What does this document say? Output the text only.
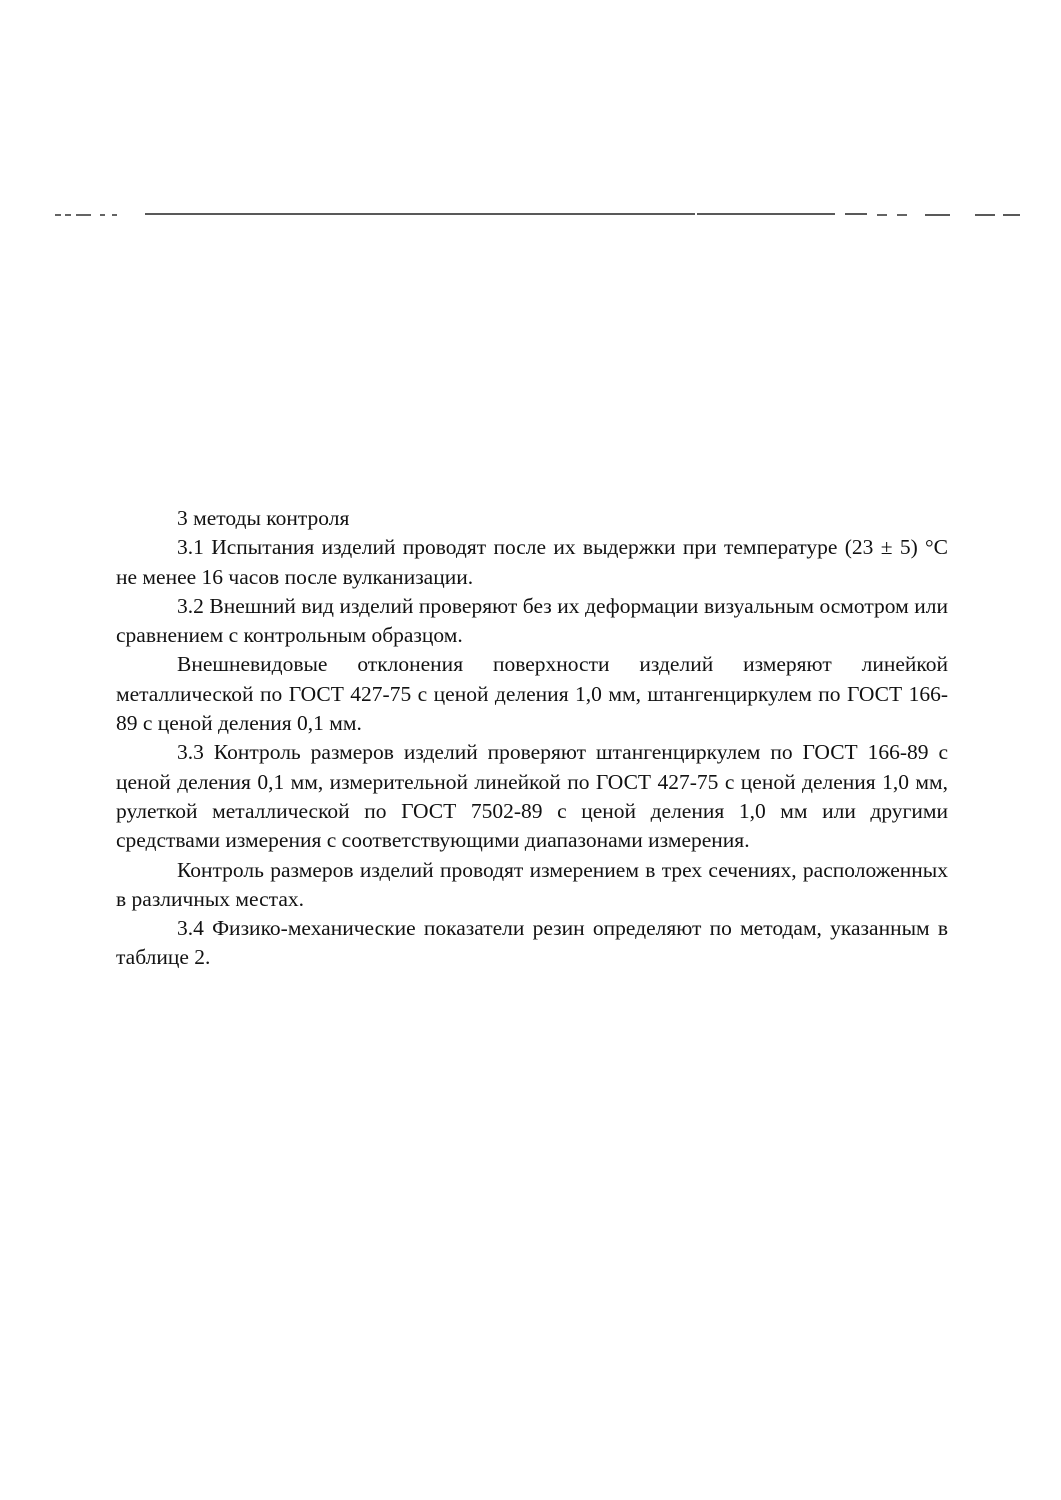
3 методы контроля

3.1 Испытания изделий проводят после их выдержки при температуре (23 ± 5) °С не менее 16 часов после вулканизации.

3.2 Внешний вид изделий проверяют без их деформации визуальным осмотром или сравнением с контрольным образцом.

Внешневидовые отклонения поверхности изделий измеряют линейкой металлической по ГОСТ 427-75 с ценой деления 1,0 мм, штангенциркулем по ГОСТ 166-89 с ценой деления 0,1 мм.

3.3 Контроль размеров изделий проверяют штангенциркулем по ГОСТ 166-89 с ценой деления 0,1 мм, измерительной линейкой по ГОСТ 427-75 с ценой деления 1,0 мм, рулеткой металлической по ГОСТ 7502-89 с ценой деления 1,0 мм или другими средствами измерения с соответствующими диапазонами измерения.

Контроль размеров изделий проводят измерением в трех сечениях, расположенных в различных местах.

3.4 Физико-механические показатели резин определяют по методам, указанным в таблице 2.
